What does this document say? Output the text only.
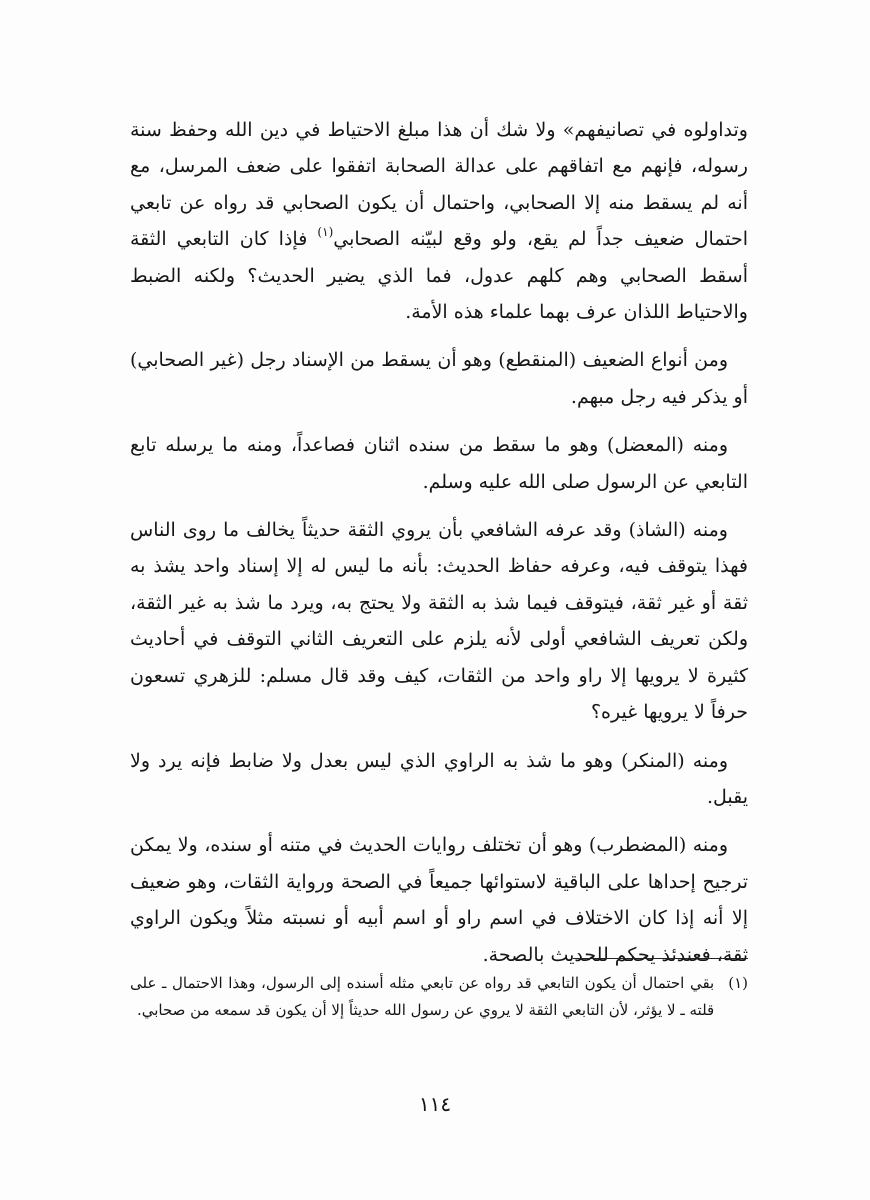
وتداولوه في تصانيفهم» ولا شك أن هذا مبلغ الاحتياط في دين الله وحفظ سنة رسوله، فإنهم مع اتفاقهم على عدالة الصحابة اتفقوا على ضعف المرسل، مع أنه لم يسقط منه إلا الصحابي، واحتمال أن يكون الصحابي قد رواه عن تابعي احتمال ضعيف جداً لم يقع، ولو وقع لبيّنه الصحابي$^{(١)}$ فإذا كان التابعي الثقة أسقط الصحابي وهم كلهم عدول، فما الذي يضير الحديث؟ ولكنه الضبط والاحتياط اللذان عرف بهما علماء هذه الأمة.

ومن أنواع الضعيف (المنقطع) وهو أن يسقط من الإسناد رجل (غير الصحابي) أو يذكر فيه رجل مبهم.

ومنه (المعضل) وهو ما سقط من سنده اثنان فصاعداً، ومنه ما يرسله تابع التابعي عن الرسول صلى الله عليه وسلم.

ومنه (الشاذ) وقد عرفه الشافعي بأن يروي الثقة حديثاً يخالف ما روى الناس فهذا يتوقف فيه، وعرفه حفاظ الحديث: بأنه ما ليس له إلا إسناد واحد يشذ به ثقة أو غير ثقة، فيتوقف فيما شذ به الثقة ولا يحتج به، ويرد ما شذ به غير الثقة، ولكن تعريف الشافعي أولى لأنه يلزم على التعريف الثاني التوقف في أحاديث كثيرة لا يرويها إلا راو واحد من الثقات، كيف وقد قال مسلم: للزهري تسعون حرفاً لا يرويها غيره؟

ومنه (المنكر) وهو ما شذ به الراوي الذي ليس بعدل ولا ضابط فإنه يرد ولا يقبل.

ومنه (المضطرب) وهو أن تختلف روايات الحديث في متنه أو سنده، ولا يمكن ترجيح إحداها على الباقية لاستوائها جميعاً في الصحة ورواية الثقات، وهو ضعيف إلا أنه إذا كان الاختلاف في اسم راو أو اسم أبيه أو نسبته مثلاً ويكون الراوي ثقة، فعندئذ يحكم للحديث بالصحة.

(١)
بقي احتمال أن يكون التابعي قد رواه عن تابعي مثله أسنده إلى الرسول، وهذا الاحتمال ـ على قلته ـ لا يؤثر، لأن التابعي الثقة لا يروي عن رسول الله حديثاً إلا أن يكون قد سمعه من صحابي.

١١٤
